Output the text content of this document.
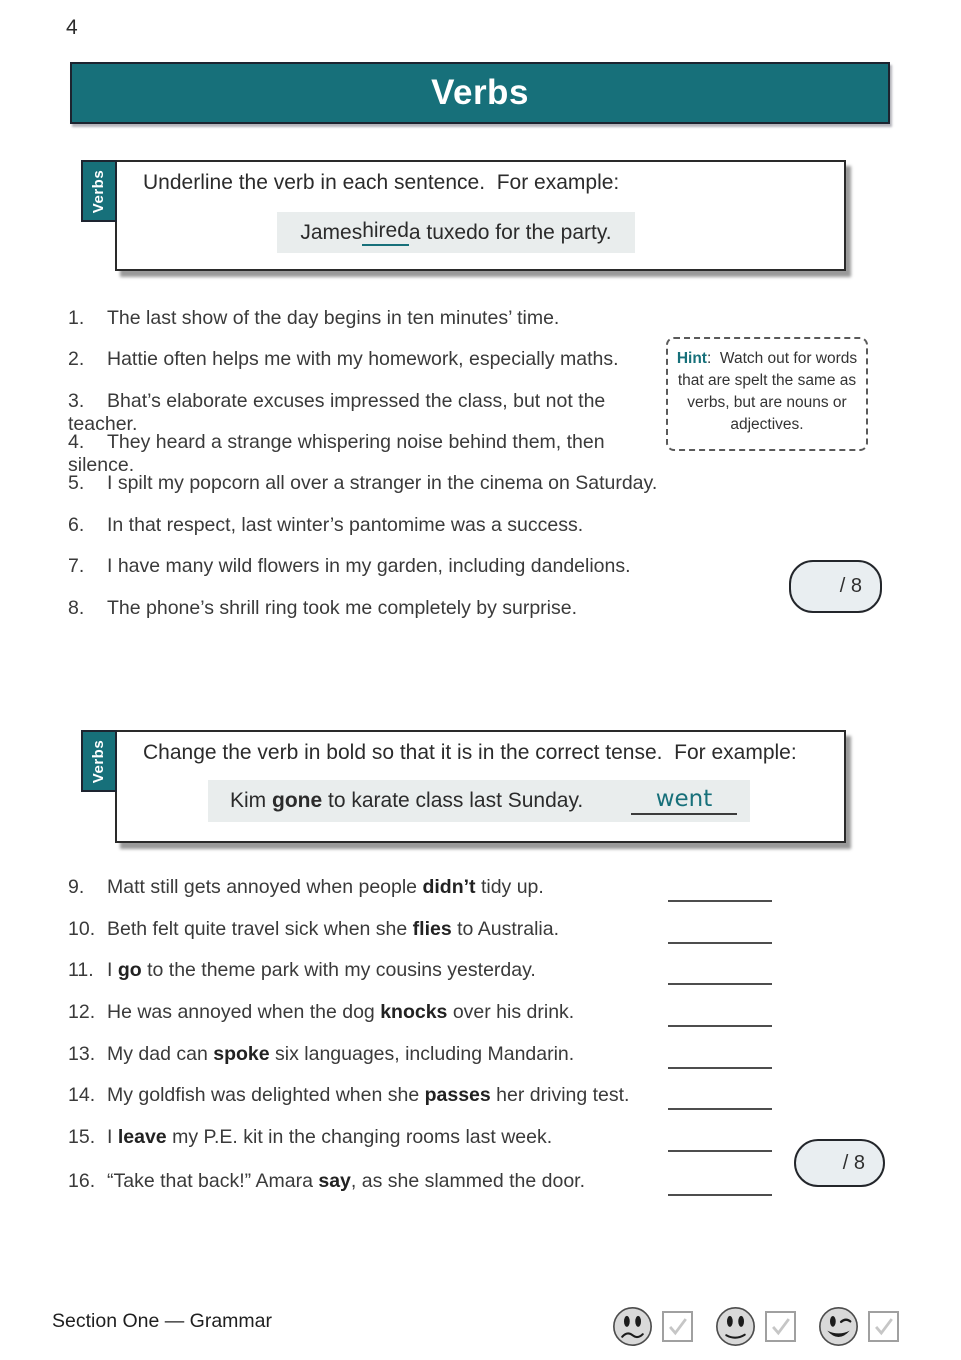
4
Verbs
Verbs Underline the verb in each sentence.  For example:
James hired a tuxedo for the party.
1. The last show of the day begins in ten minutes’ time.
2. Hattie often helps me with my homework, especially maths.
3. Bhat’s elaborate excuses impressed the class, but not the teacher.
4. They heard a strange whispering noise behind them, then silence.
5. I spilt my popcorn all over a stranger in the cinema on Saturday.
6. In that respect, last winter’s pantomime was a success.
7. I have many wild flowers in my garden, including dandelions.
8. The phone’s shrill ring took me completely by surprise.
Hint:  Watch out for words that are spelt the same as verbs, but are nouns or adjectives.
/ 8
Verbs Change the verb in bold so that it is in the correct tense.  For example:
Kim gone to karate class last Sunday.	went
9. Matt still gets annoyed when people didn’t tidy up.
10. Beth felt quite travel sick when she flies to Australia.
11. I go to the theme park with my cousins yesterday.
12. He was annoyed when the dog knocks over his drink.
13. My dad can spoke six languages, including Mandarin.
14. My goldfish was delighted when she passes her driving test.
15. I leave my P.E. kit in the changing rooms last week.
16. “Take that back!” Amara say, as she slammed the door.
/ 8
Section One — Grammar
